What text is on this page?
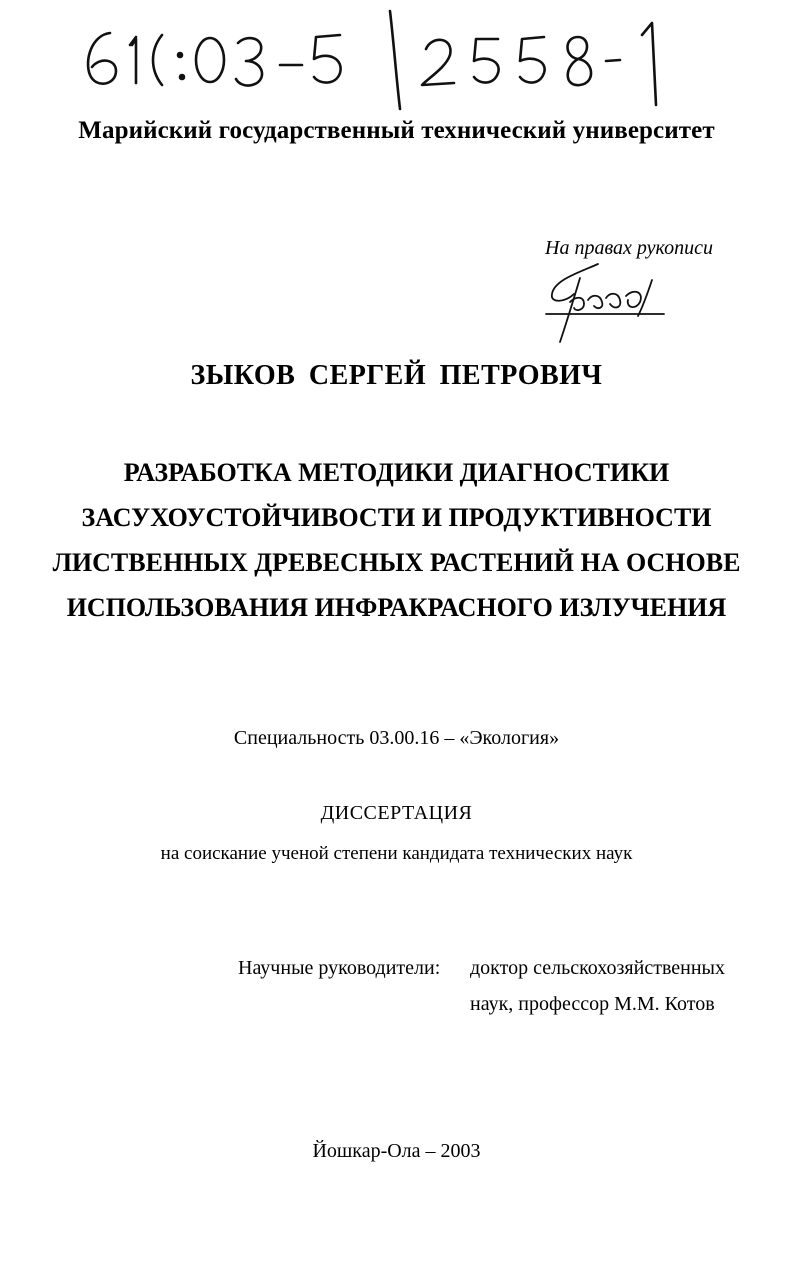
Марийский государственный технический университет
На правах рукописи
ЗЫКОВ СЕРГЕЙ ПЕТРОВИЧ
РАЗРАБОТКА МЕТОДИКИ ДИАГНОСТИКИ
ЗАСУХОУСТОЙЧИВОСТИ И ПРОДУКТИВНОСТИ
ЛИСТВЕННЫХ ДРЕВЕСНЫХ РАСТЕНИЙ НА ОСНОВЕ
ИСПОЛЬЗОВАНИЯ ИНФРАКРАСНОГО ИЗЛУЧЕНИЯ
Специальность 03.00.16 – «Экология»
ДИССЕРТАЦИЯ
на соискание ученой степени кандидата технических наук
Научные руководители: доктор сельскохозяйственных
наук, профессор М.М. Котов
Йошкар-Ола – 2003
